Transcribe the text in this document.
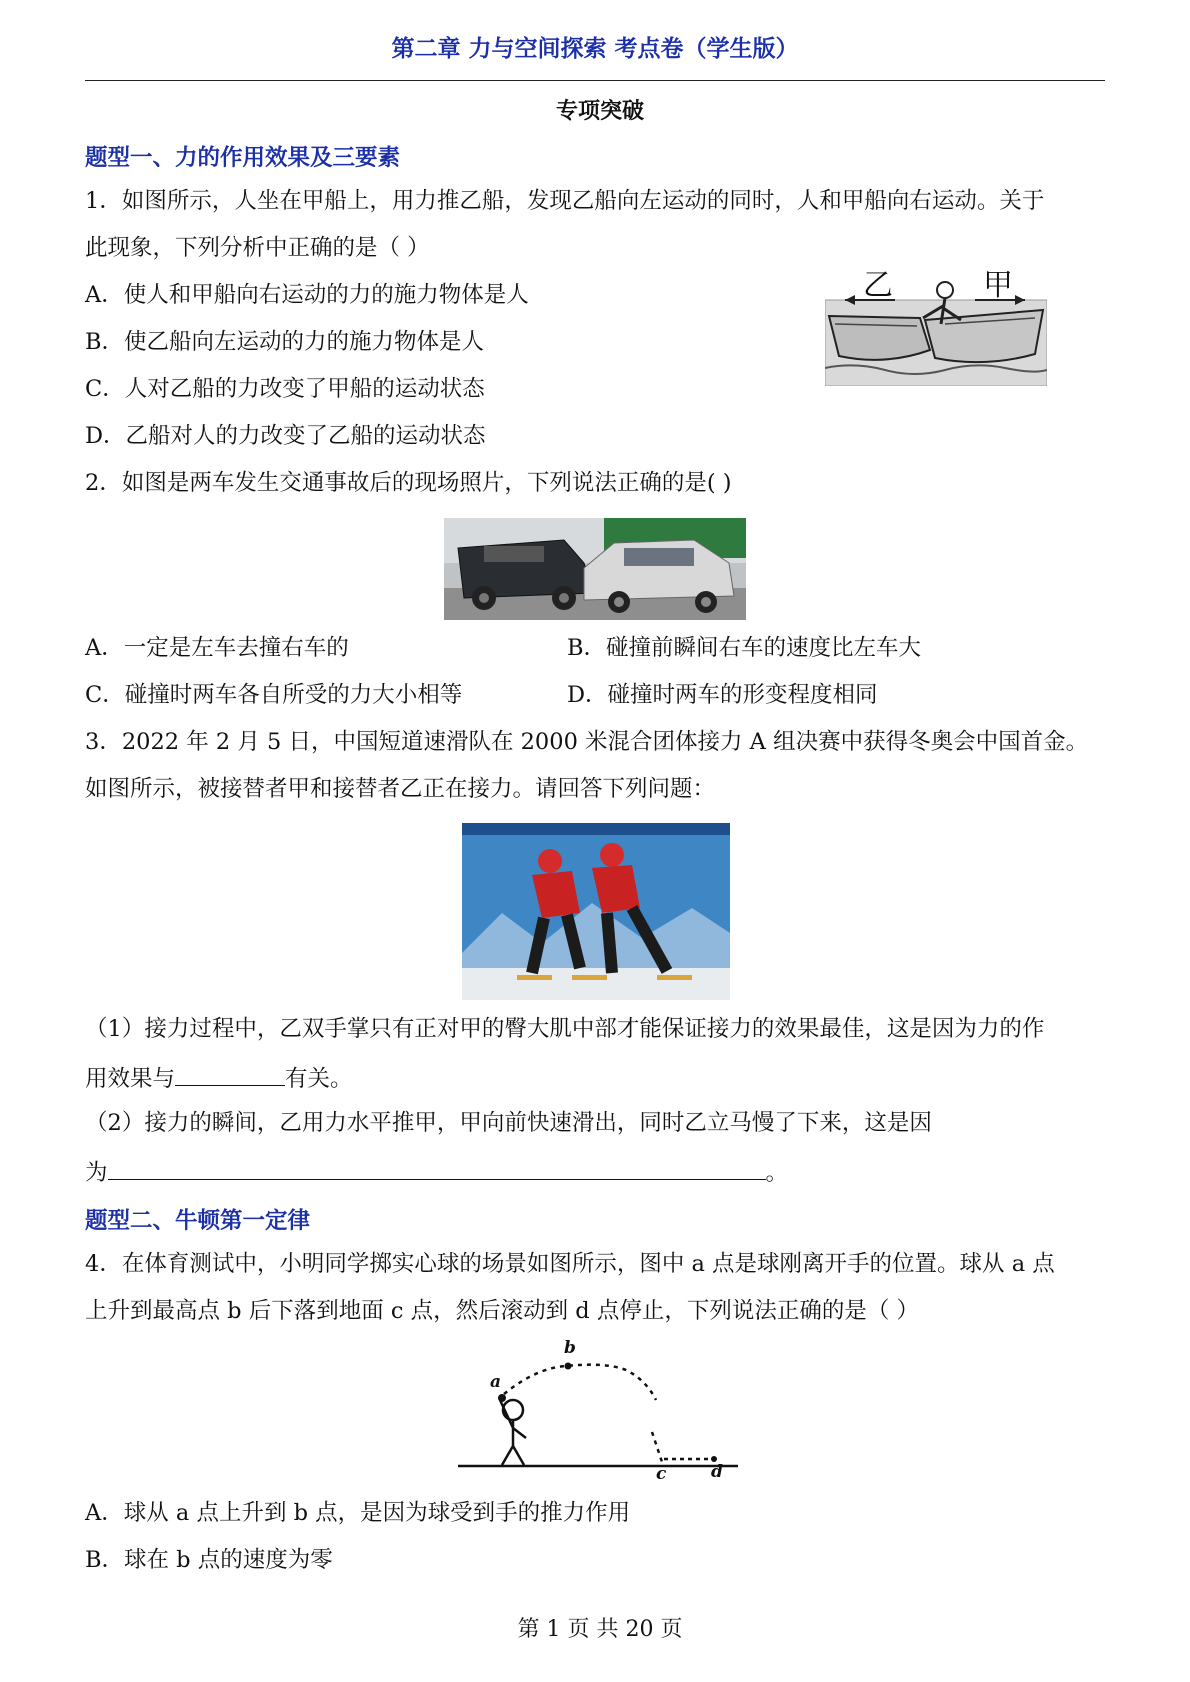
第二章 力与空间探索 考点卷（学生版）
专项突破
题型一、力的作用效果及三要素
1．如图所示，人坐在甲船上，用力推乙船，发现乙船向左运动的同时，人和甲船向右运动。关于
此现象，下列分析中正确的是（ ）
A．使人和甲船向右运动的力的施力物体是人
B．使乙船向左运动的力的施力物体是人
C．人对乙船的力改变了甲船的运动状态
D．乙船对人的力改变了乙船的运动状态
乙	甲
2．如图是两车发生交通事故后的现场照片，下列说法正确的是( )
A．一定是左车去撞右车的	B．碰撞前瞬间右车的速度比左车大
C．碰撞时两车各自所受的力大小相等	D．碰撞时两车的形变程度相同
3．2022 年 2 月 5 日，中国短道速滑队在 2000 米混合团体接力 A 组决赛中获得冬奥会中国首金。
如图所示，被接替者甲和接替者乙正在接力。请回答下列问题：
（1）接力过程中，乙双手掌只有正对甲的臀大肌中部才能保证接力的效果最佳，这是因为力的作
用效果与	有关。
（2）接力的瞬间，乙用力水平推甲，甲向前快速滑出，同时乙立马慢了下来，这是因
为	。
题型二、牛顿第一定律
4．在体育测试中，小明同学掷实心球的场景如图所示，图中 a 点是球刚离开手的位置。球从 a 点
上升到最高点 b 后下落到地面 c 点，然后滚动到 d 点停止，下列说法正确的是（ ）
a
b
c	d
A．球从 a 点上升到 b 点，是因为球受到手的推力作用
B．球在 b 点的速度为零
第 1 页 共 20 页
